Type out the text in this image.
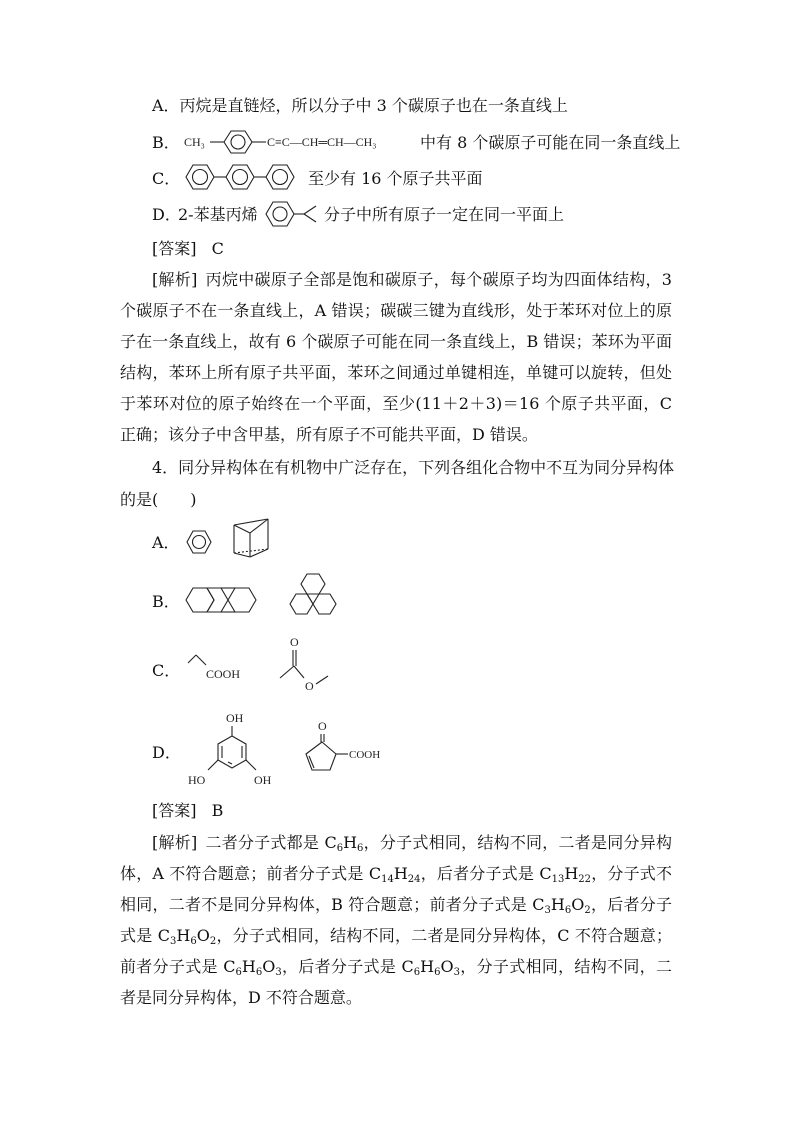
A．丙烷是直链烃，所以分子中 3 个碳原子也在一条直线上
B． CH₃	C≡C—CH═CH—CH₃	中有 8 个碳原子可能在同一条直线上
C．	至少有 16 个原子共平面
D．
2-苯基丙烯	分子中所有原子一定在同一平面上
[答案] C
[解析] 丙烷中碳原子全部是饱和碳原子，每个碳原子均为四面体结构，3个碳原子不在一条直线上，A 错误；碳碳三键为直线形，处于苯环对位上的原子在一条直线上，故有 6 个碳原子可能在同一条直线上，B 错误；苯环为平面结构，苯环上所有原子共平面，苯环之间通过单键相连，单键可以旋转，但处于苯环对位的原子始终在一个平面，至少(11＋2＋3)＝16 个原子共平面，C 正确；该分子中含甲基，所有原子不可能共平面，D 错误。
4．同分异构体在有机物中广泛存在，下列各组化合物中不互为同分异构体
的是(　　)
A．
B．
C． COOH
O
O
D．
OH
HO	OH
O
COOH
[答案] B
[解析] 二者分子式都是 $C_6H_6$，分子式相同，结构不同，二者是同分异构体，A 不符合题意；前者分子式是 $C_{14}H_{24}$，后者分子式是 $C_{13}H_{22}$，分子式不相同，二者不是同分异构体，B 符合题意；前者分子式是 $C_3H_6O_2$，后者分子式是 $C_3H_6O_2$，分子式相同，结构不同，二者是同分异构体，C 不符合题意；前者分子式是 $C_6H_6O_3$，后者分子式是 $C_6H_6O_3$，分子式相同，结构不同，二者是同分异构体，D 不符合题意。
